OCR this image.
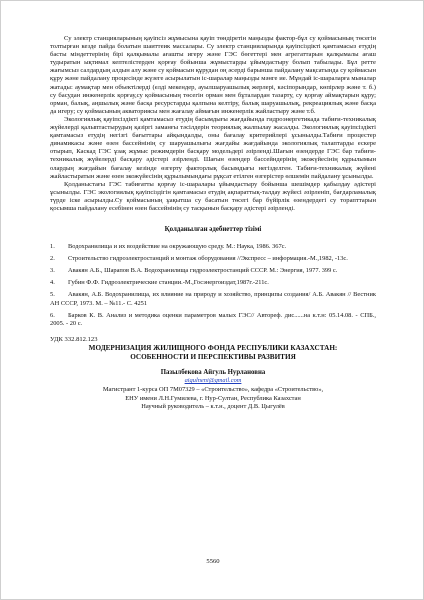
Су электр станцияларының қауіпсіз жұмысына қауіп төндіретін маңызды фактор-бұл су қоймасының төсегін толтырған кезде пайда болатын шаиттеик массалары. Су электр станцияларында қауіпсіздікті қамтамасыз етудің басты міндеттерінің бірі қалқымалы ағашты игеру және ГЭС бөгеттері мен агрегаттарын қалқымалы ағаш тудыратын ықтимал кептелістерден қорғау бойынша жұмыстарды ұйымдастыру болып табылады. Бұл ретте жағымсыз салдардың алдын алу және су қоймасын құрудан оң әсерді барынша пайдалану мақсатында су қоймасын құру және пайдалану процесінде жүзеге асырылатын іс-шаралар маңызды мәнге ие. Мұндай іс-шараларға мыналар жатады: аумақтар мен объектілерді (елді мекендер, ауылшаруашылық жерлері, кәсіпорындар, көпірлер және т. б.) су басудан инженерлік қорғау,су қоймасының төсегін орман мен бұталардан тазарту, су қорғау аймақтарын құру; орман, балық, аңшылық және басқа ресурстарды қалпына келтіру, балық шаруашылық, рекреациялық және басқа да игеру; су қоймасының акваториясы мен жағалау аймағын инженерлік жайластыру және т.б.

Экологиялық қауіпсіздікті қамтамасыз етудің басымдығы жағдайында гидроэнергетикада табиғи-техникалық жүйелерді қалыптастырудың қазіргі заманғы тәсілдерін теориялық жалпылау жасалды. Экологиялық қауіпсіздікті қамтамасыз етудің негізгі бағыттары айқындалды, оны бағалау критерийлері ұсынылды.Табиғи процестер динамикасы және өзен бассейнінің су шаруашылығы жағдайы жағдайында экологиялық талаптарды ескере отырып, Каскад ГЭС ұзақ жұмыс режимдерін басқару модельдері әзірленді.Шағын өзендерде ГЭС бар табиғи-техникалық жүйелерді басқару әдістері әзірленді. Шағын өзендер бассейндерінің экожүйесінің құрылымын олардың жағдайын бағалау кезінде өзгерту факторлық басымдығы негізделген. Табиғи-техникалық жүйені жайластыратын және өзен экожүйесінің құрылымындағы рұқсат етілген өзгерістер өлшемін пайдалану ұсынылды.

Қолданыстағы ГЭС табиғатты қорғау іс-шаралары ұйымдастыру бойынша шешімдер қабылдау әдістері ұсынылды. ГЭС экологиялық қауіпсіздігін қамтамасыз етудің ақпараттық-талдау жүйесі әзірленіп, бағдарламалық түрде іске асырылды.Су қоймасының ұақытша су басатын төсегі бар бүйірлік өзендердегі су торапттарын қосымша пайдалану есебінен өзен бассейнінің су тасқынын басқару әдістері әзірленді.

Қолданылған әдебиеттер тізімі
1. Водохранилища и их воздействие на окружающую среду. М.: Наука, 1986. 367с.
2. Строительство гидроэлектростанций и монтаж оборудования //Экспресс – информация.-М.,1982, -13с.
3. Авакян А.Б., Шарапов В.А. Водохранилища гидроэлектростанций СССР. М.: Энергия, 1977. 399 с.
4. Губин Ф.Ф. Гидроэлектрические станции.-М.,Госэнергоиздат,1987г.-211с.
5. Авакян, А.Б. Водохранилища, их влияние на природу и хозяйство, принципы создания/ А.Б. Авакян // Вестник АН СССР, 1973. М. – №11.- С. 4251
6. Барков К. В. Анализ и методика оценки параметров малых ГЭС// Автореф. дис......на к.т.н: 05.14.08. - СПБ., 2005. - 20 с.
УДК 332.812.123
МОДЕРНИЗАЦИЯ ЖИЛИЩНОГО ФОНДА РЕСПУБЛИКИ КАЗАХСТАН:
ОСОБЕННОСТИ И ПЕРСПЕКТИВЫ РАЗВИТИЯ
Пазылбекова Айгуль Нурлановна
aigulneni@gmail.com
Магистрант 1-курса ОП 7М07329 – «Строительство», кафедра «Строительство»,
ЕНУ имени Л.Н.Гумилева, г. Нур-Султан, Республика Казахстан
Научный руководитель – к.т.н., доцент Д.В. Цыгулёв
5560
